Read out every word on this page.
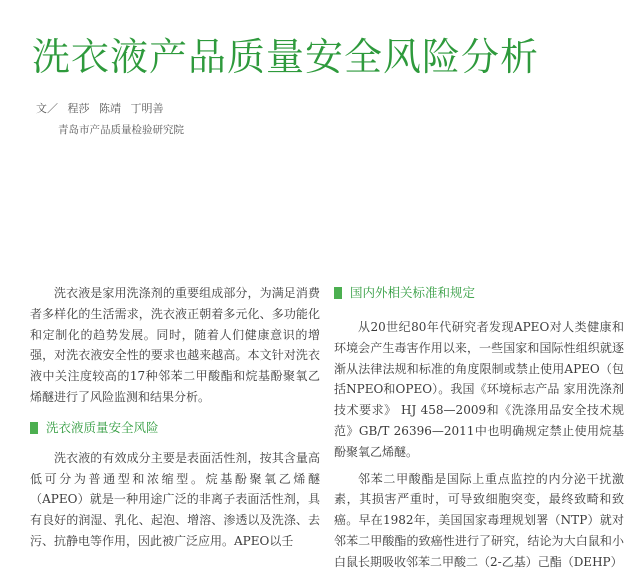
洗衣液产品质量安全风险分析
文／ 程莎 陈靖 丁明善
青岛市产品质量检验研究院

洗衣液是家用洗涤剂的重要组成部分，为满足消费者多样化的生活需求，洗衣液正朝着多元化、多功能化和定制化的趋势发展。同时，随着人们健康意识的增强，对洗衣液安全性的要求也越来越高。本文针对洗衣液中关注度较高的17种邻苯二甲酸酯和烷基酚聚氧乙烯醚进行了风险监测和结果分析。

洗衣液质量安全风险

洗衣液的有效成分主要是表面活性剂，按其含量高低可分为普通型和浓缩型。烷基酚聚氧乙烯醚（APEO）就是一种用途广泛的非离子表面活性剂，具有良好的润湿、乳化、起泡、增溶、渗透以及洗涤、去污、抗静电等作用，因此被广泛应用。APEO以壬

国内外相关标准和规定

从20世纪80年代研究者发现APEO对人类健康和环境会产生毒害作用以来，一些国家和国际性组织就逐渐从法律法规和标准的角度限制或禁止使用APEO（包括NPEO和OPEO）。我国《环境标志产品 家用洗涤剂技术要求》 HJ 458—2009和《洗涤用品安全技术规范》GB/T 26396—2011中也明确规定禁止使用烷基酚聚氧乙烯醚。

邻苯二甲酸酯是国际上重点监控的内分泌干扰激素，其损害严重时，可导致细胞突变，最终致畸和致癌。早在1982年，美国国家毒理规划署（NTP）就对邻苯二甲酸酯的致癌性进行了研究，结论为大白鼠和小白鼠长期吸收邻苯二甲酸二（2-乙基）己酯（DEHP）
